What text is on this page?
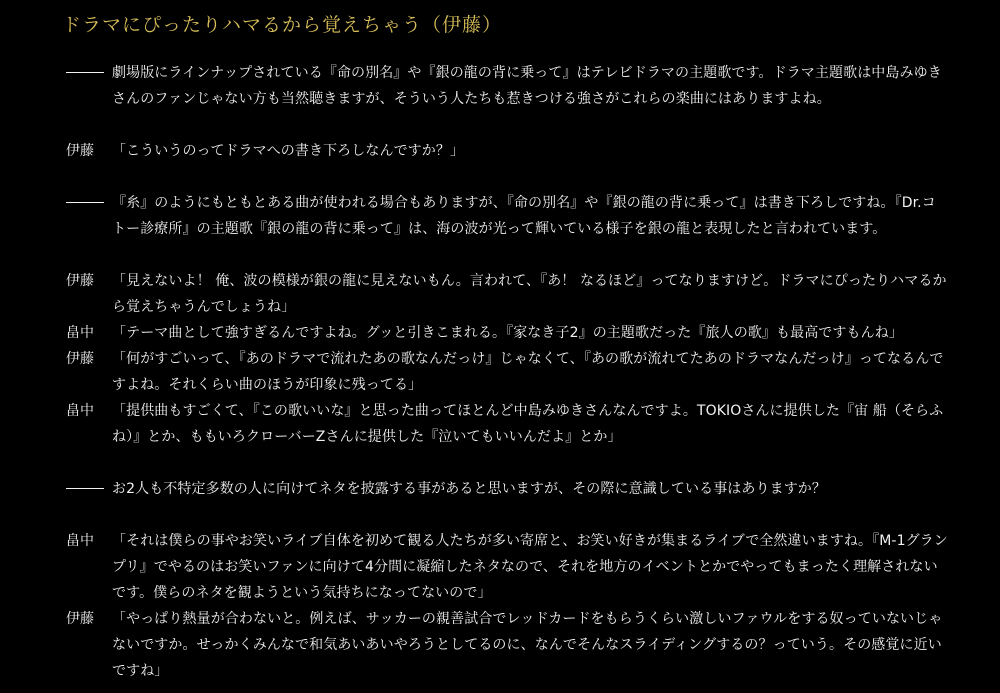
ドラマにぴったりハマるから覚えちゃう（伊藤）
劇場版にラインナップされている『命の別名』や『銀の龍の背に乗って』はテレビドラマの主題歌です。ドラマ主題歌は中島みゆきさんのファンじゃない方も当然聴きますが、そういう人たちも惹きつける強さがこれらの楽曲にはありますよね。
伊藤 「こういうのってドラマへの書き下ろしなんですか？」
『糸』のようにもともとある曲が使われる場合もありますが、『命の別名』や『銀の龍の背に乗って』は書き下ろしですね。『Dr.コトー診療所』の主題歌『銀の龍の背に乗って』は、海の波が光って輝いている様子を銀の龍と表現したと言われています。
伊藤 「見えないよ！ 俺、波の模様が銀の龍に見えないもん。言われて、『あ！ なるほど』ってなりますけど。ドラマにぴったりハマるから覚えちゃうんでしょうね」
畠中 「テーマ曲として強すぎるんですよね。グッと引きこまれる。『家なき子2』の主題歌だった『旅人の歌』も最高ですもんね」
伊藤 「何がすごいって、『あのドラマで流れたあの歌なんだっけ』じゃなくて、『あの歌が流れてたあのドラマなんだっけ』ってなるんですよね。それくらい曲のほうが印象に残ってる」
畠中 「提供曲もすごくて、『この歌いいな』と思った曲ってほとんど中島みゆきさんなんですよ。TOKIOさんに提供した『宙 船（そらふね）』とか、ももいろクローバーZさんに提供した『泣いてもいいんだよ』とか」
お2人も不特定多数の人に向けてネタを披露する事があると思いますが、その際に意識している事はありますか？
畠中 「それは僕らの事やお笑いライブ自体を初めて観る人たちが多い寄席と、お笑い好きが集まるライブで全然違いますね。『M-1グランプリ』でやるのはお笑いファンに向けて4分間に凝縮したネタなので、それを地方のイベントとかでやってもまったく理解されないです。僕らのネタを観ようという気持ちになってないので」
伊藤 「やっぱり熱量が合わないと。例えば、サッカーの親善試合でレッドカードをもらうくらい激しいファウルをする奴っていないじゃないですか。せっかくみんなで和気あいあいやろうとしてるのに、なんでそんなスライディングするの？っていう。その感覚に近いですね」
